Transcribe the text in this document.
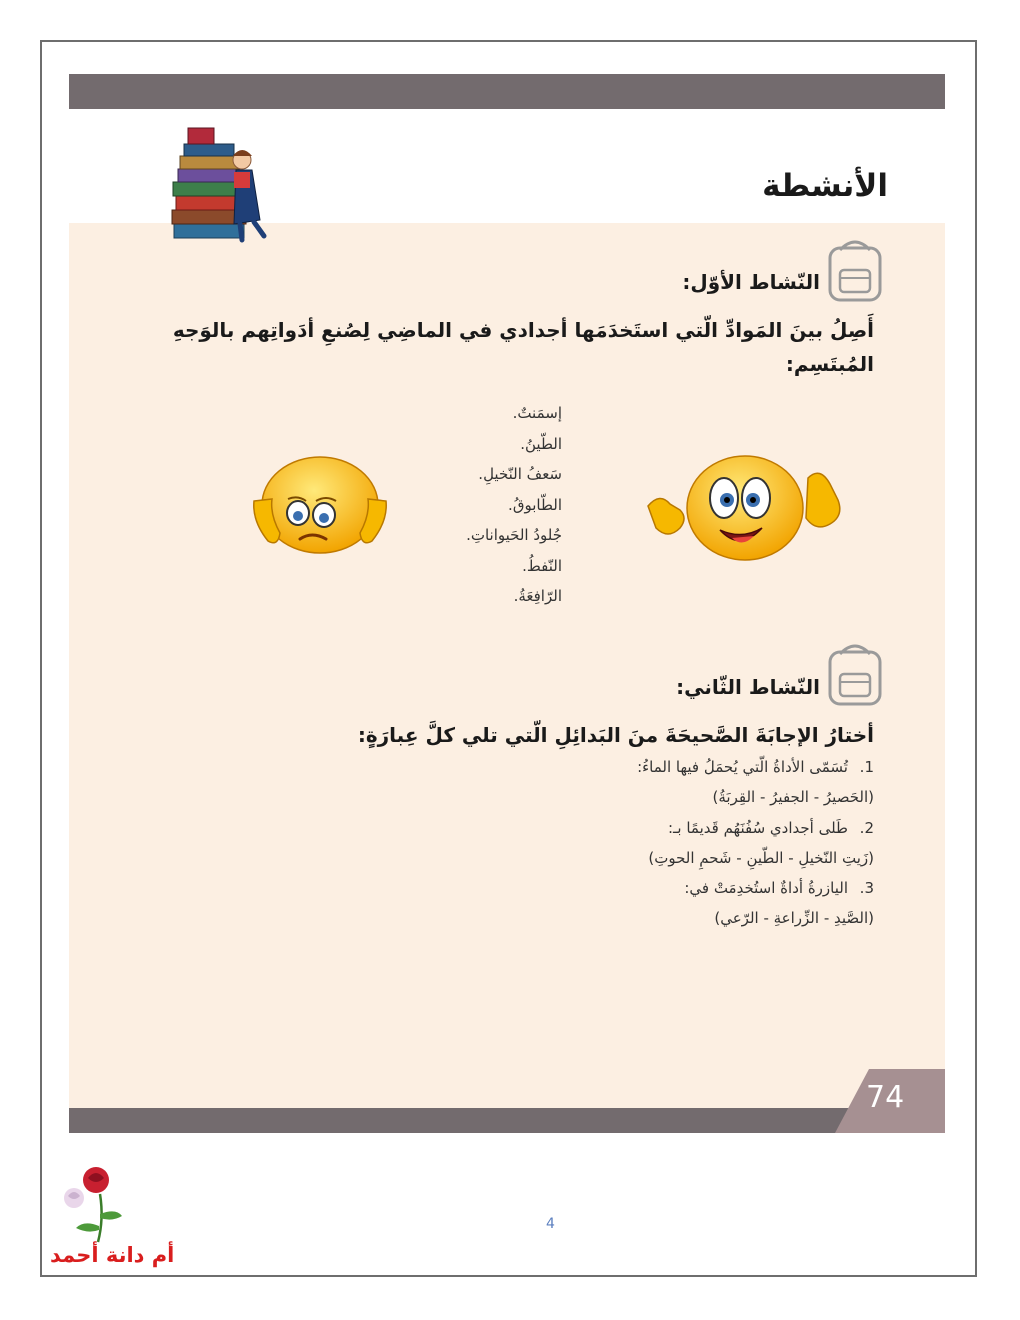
الأنشطة
النّشاط الأوّل:
أَصِلُ بينَ المَوادِّ الّتي استَخدَمَها أجدادي في الماضِي لِصُنعِ أدَواتِهم بالوَجهِ
المُبتَسِم:
إسمَنتٌ.
الطّينُ.
سَعفُ النّخيلِ.
الطّابوقُ.
جُلودُ الحَيواناتِ.
النّفطُ.
الرّافِعَةُ.
النّشاط الثّاني:
أختارُ الإجابَةَ الصَّحيحَةَ منَ البَدائِلِ الّتي تلي كلَّ عِبارَةٍ:
1.تُسَمّى الأداةُ الّتي يُحمَلُ فيها الماءُ:
(الحَصيرُ - الجفيرُ - القِربَةُ)
2.طَلى أجدادي سُفُنَهُم قَديمًا بـ:
(زَيتِ النّخيلِ - الطّينِ - شَحمِ الحوتِ)
3.اليازرةُ أداةٌ استُخدِمَتْ في:
(الصَّيدِ - الزِّراعةِ - الرّعي)
74
4
أم دانة أحمد
